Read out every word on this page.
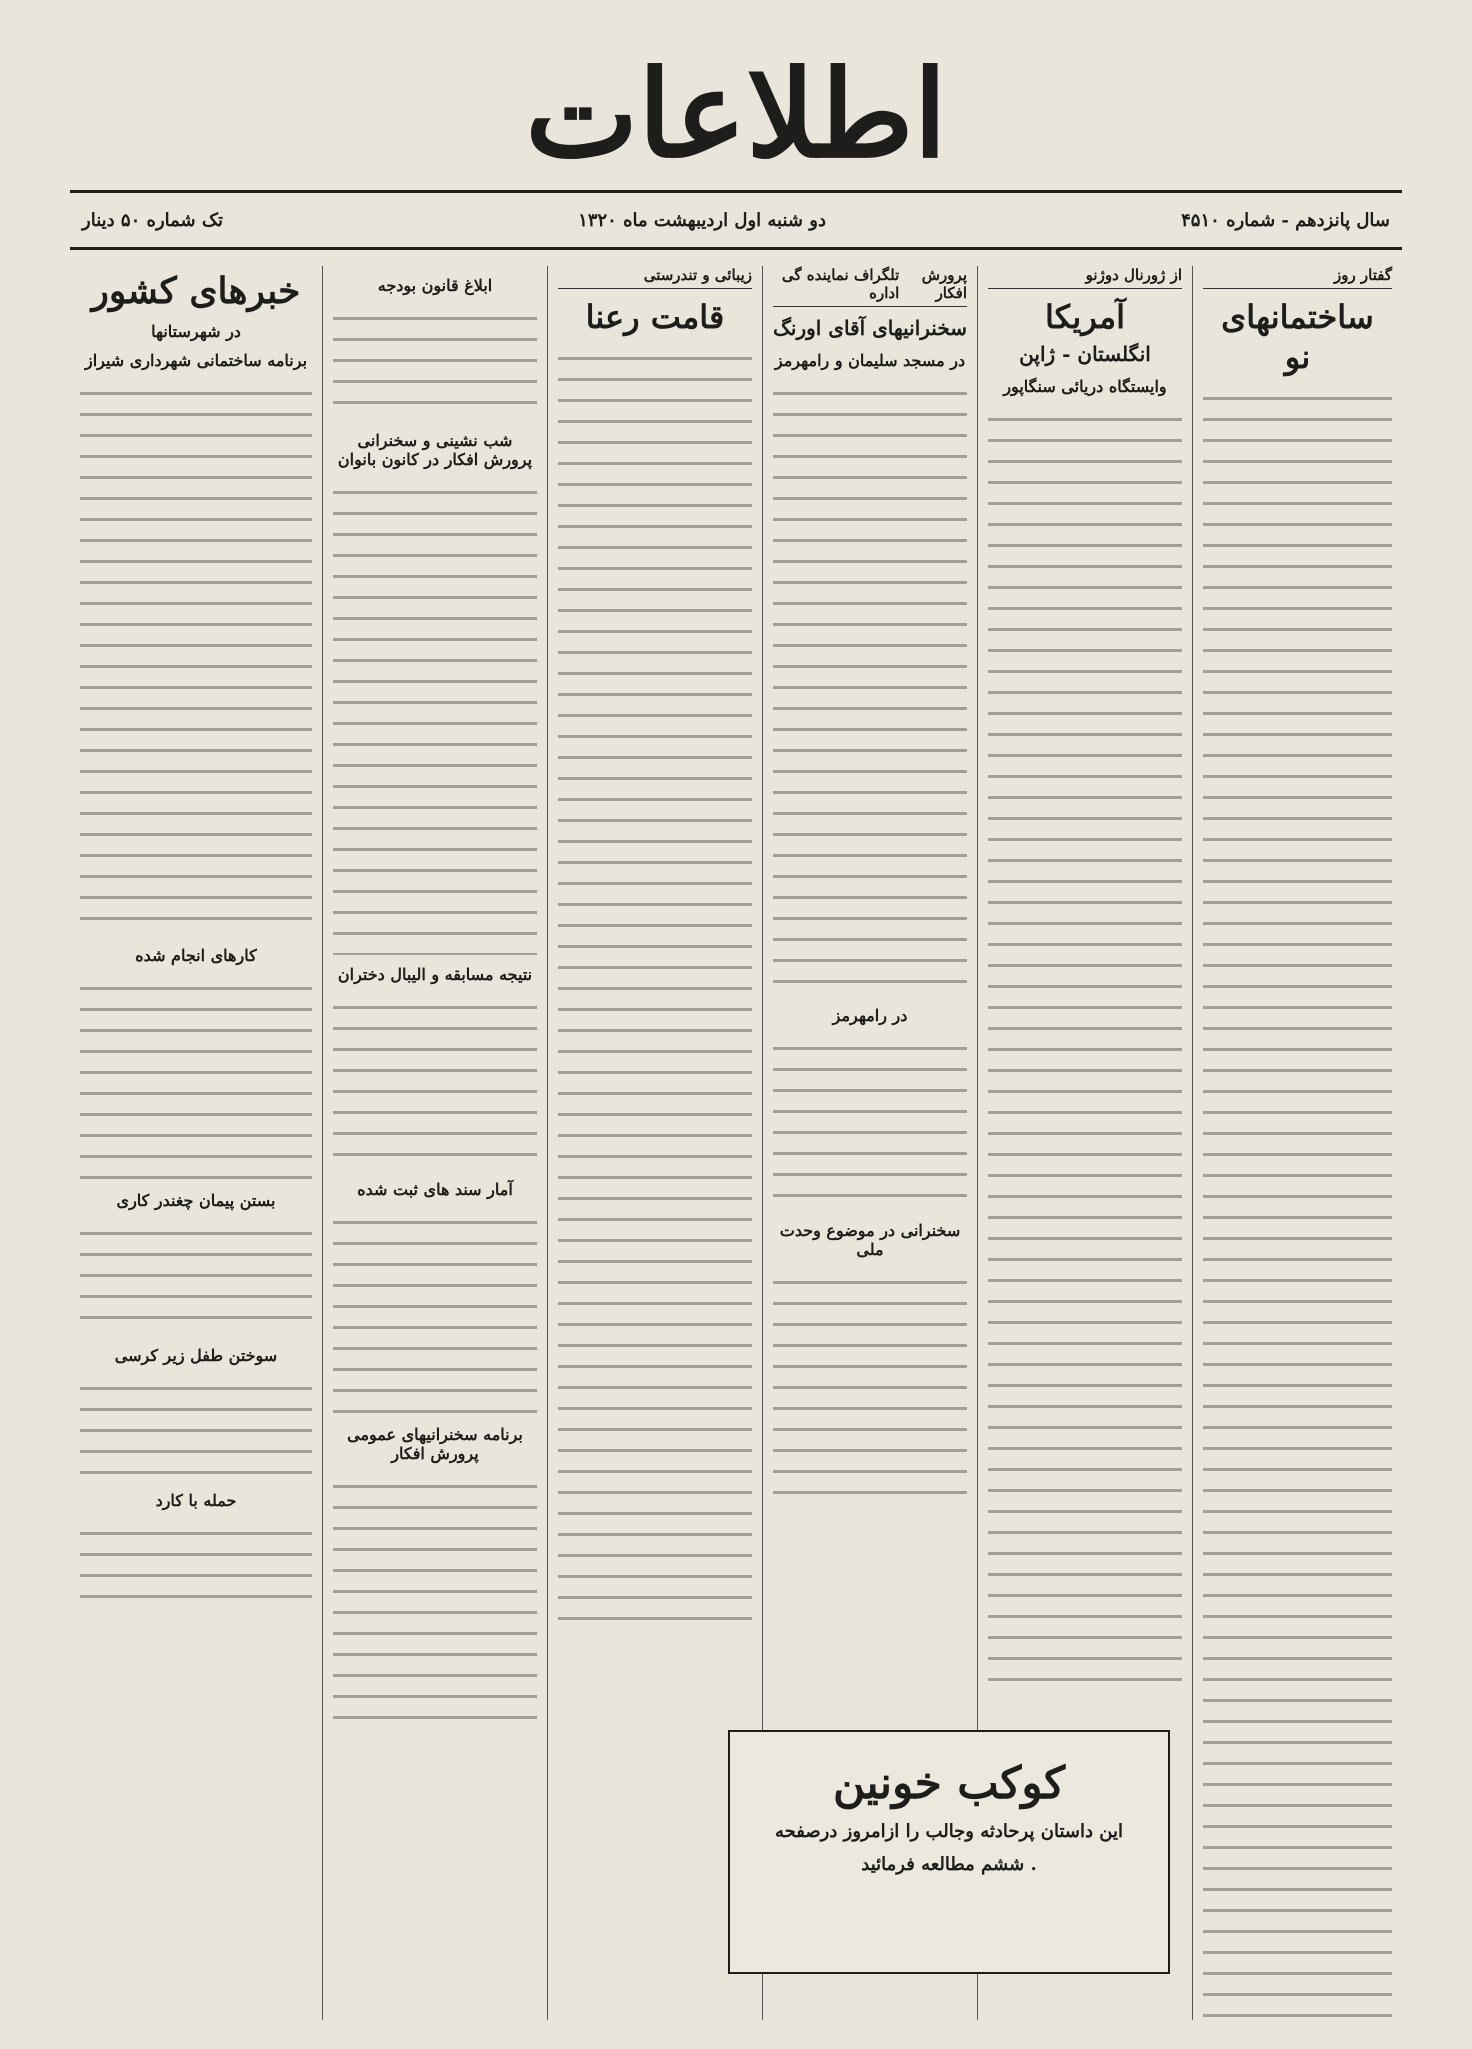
اطلاعات
سال پانزدهم - شماره ۴۵۱۰
دو شنبه اول اردیبهشت ماه ۱۳۲۰
تک شماره ۵۰ دینار
گفتار روز
ساختمانهای نو
از ژورنال دوژنو
آمریکا
انگلستان - ژاپن
وایستگاه دریائی سنگاپور
پرورش افکار
تلگراف نماینده گی اداره
سخنرانیهای آقای اورنگ
در مسجد سلیمان و رامهرمز
در رامهرمز
سخنرانی در موضوع وحدت ملی
زیبائی و تندرستی
قامت رعنا
ابلاغ قانون بودجه
شب نشینی و سخنرانی پرورش افکار در کانون بانوان
نتیجه مسابقه و الیبال دختران
آمار سند های ثبت شده
برنامه سخنرانیهای عمومی پرورش افکار
خبرهای کشور
در شهرستانها
برنامه ساختمانی شهرداری شیراز
کارهای انجام شده
بستن پیمان چغندر کاری
سوختن طفل زیر کرسی
حمله با کارد
کوکب خونین
این داستان پرحادثه وجالب را ازامروز درصفحه
ششم مطالعه فرمائید .
